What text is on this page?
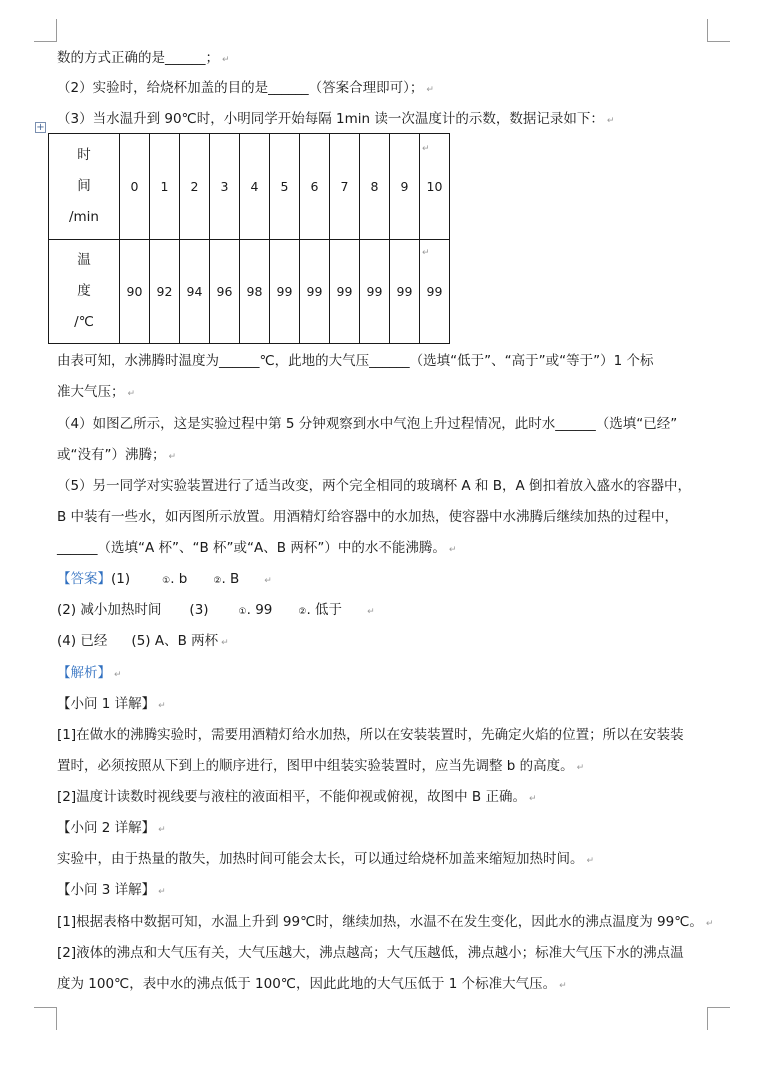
数的方式正确的是______； ↵
（2）实验时，给烧杯加盖的目的是______（答案合理即可）； ↵
（3）当水温升到 90℃时，小明同学开始每隔 1min 读一次温度计的示数，数据记录如下： ↵
+
时
间
/min	0	1	2	3	4	5	6	7	8	9	10

温
度
/℃	90	92	94	96	98	99	99	99	99	99	99
↵
↵
由表可知，水沸腾时温度为______℃，此地的大气压______（选填“低于”、“高于”或“等于”）1 个标
准大气压； ↵
（4）如图乙所示，这是实验过程中第 5 分钟观察到水中气泡上升过程情况，此时水______（选填“已经”
或“没有”）沸腾； ↵
（5）另一同学对实验装置进行了适当改变，两个完全相同的玻璃杯 A 和 B，A 倒扣着放入盛水的容器中，
B 中装有一些水，如丙图所示放置。用酒精灯给容器中的水加热，使容器中水沸腾后继续加热的过程中，
______（选填“A 杯”、“B 杯”或“A、B 两杯”）中的水不能沸腾。 ↵
【答案】(1)	①. b	②. B	↵
(2) 减小加热时间 (3)	①. 99	②. 低于	↵
(4) 已经 (5) A、B 两杯 ↵
【解析】 ↵
【小问 1 详解】 ↵
[1]在做水的沸腾实验时，需要用酒精灯给水加热，所以在安装装置时，先确定火焰的位置；所以在安装装
置时，必须按照从下到上的顺序进行，图甲中组装实验装置时，应当先调整 b 的高度。 ↵
[2]温度计读数时视线要与液柱的液面相平，不能仰视或俯视，故图中 B 正确。 ↵
【小问 2 详解】 ↵
实验中，由于热量的散失，加热时间可能会太长，可以通过给烧杯加盖来缩短加热时间。 ↵
【小问 3 详解】 ↵
[1]根据表格中数据可知，水温上升到 99℃时，继续加热，水温不在发生变化，因此水的沸点温度为 99℃。 ↵
[2]液体的沸点和大气压有关，大气压越大，沸点越高；大气压越低，沸点越小；标准大气压下水的沸点温
度为 100℃，表中水的沸点低于 100℃，因此此地的大气压低于 1 个标准大气压。 ↵
